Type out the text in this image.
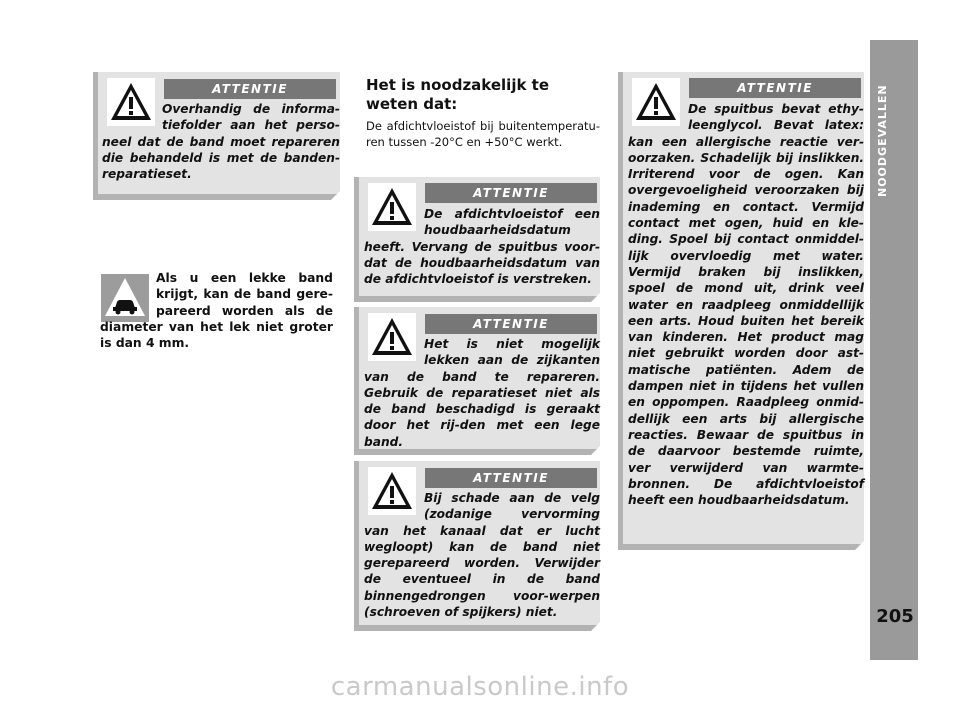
NOODGEVALLEN
205
ATTENTIE

Overhandig de informa-tiefolder aan het perso-neel dat de band moet repareren die behandeld is met de banden-reparatieset.

Het is noodzakelijk te weten dat:

De afdichtvloeistof bij buitentemperatu-ren tussen -20°C en +50°C werkt.

ATTENTIE

De afdichtvloeistof een houdbaarheidsdatum heeft. Vervang de spuitbus voor-dat de houdbaarheidsdatum van de afdichtvloeistof is verstreken.

ATTENTIE

Het is niet mogelijk lekken aan de zijkanten van de band te repareren. Gebruik de reparatieset niet als de band beschadigd is geraakt door het rij-den met een lege band.

ATTENTIE

Bij schade aan de velg (zodanige vervorming van het kanaal dat er lucht wegloopt) kan de band niet gerepareerd worden. Verwijder de eventueel in de band binnengedrongen voor-werpen (schroeven of spijkers) niet.

ATTENTIE

De spuitbus bevat ethy-leenglycol. Bevat latex: kan een allergische reactie ver-oorzaken. Schadelijk bij inslikken. Irriterend voor de ogen. Kan overgevoeligheid veroorzaken bij inademing en contact. Vermijd contact met ogen, huid en kle-ding. Spoel bij contact onmiddel-lijk overvloedig met water. Vermijd braken bij inslikken, spoel de mond uit, drink veel water en raadpleeg onmiddellijk een arts. Houd buiten het bereik van kinderen. Het product mag niet gebruikt worden door ast-matische patiënten. Adem de dampen niet in tijdens het vullen en oppompen. Raadpleeg onmid-dellijk een arts bij allergische reacties. Bewaar de spuitbus in de daarvoor bestemde ruimte, ver verwijderd van warmte-bronnen. De afdichtvloeistof heeft een houdbaarheidsdatum.

Als u een lekke band krijgt, kan de band gere-pareerd worden als de diameter van het lek niet groter is dan 4 mm.

carmanualsonline.info
